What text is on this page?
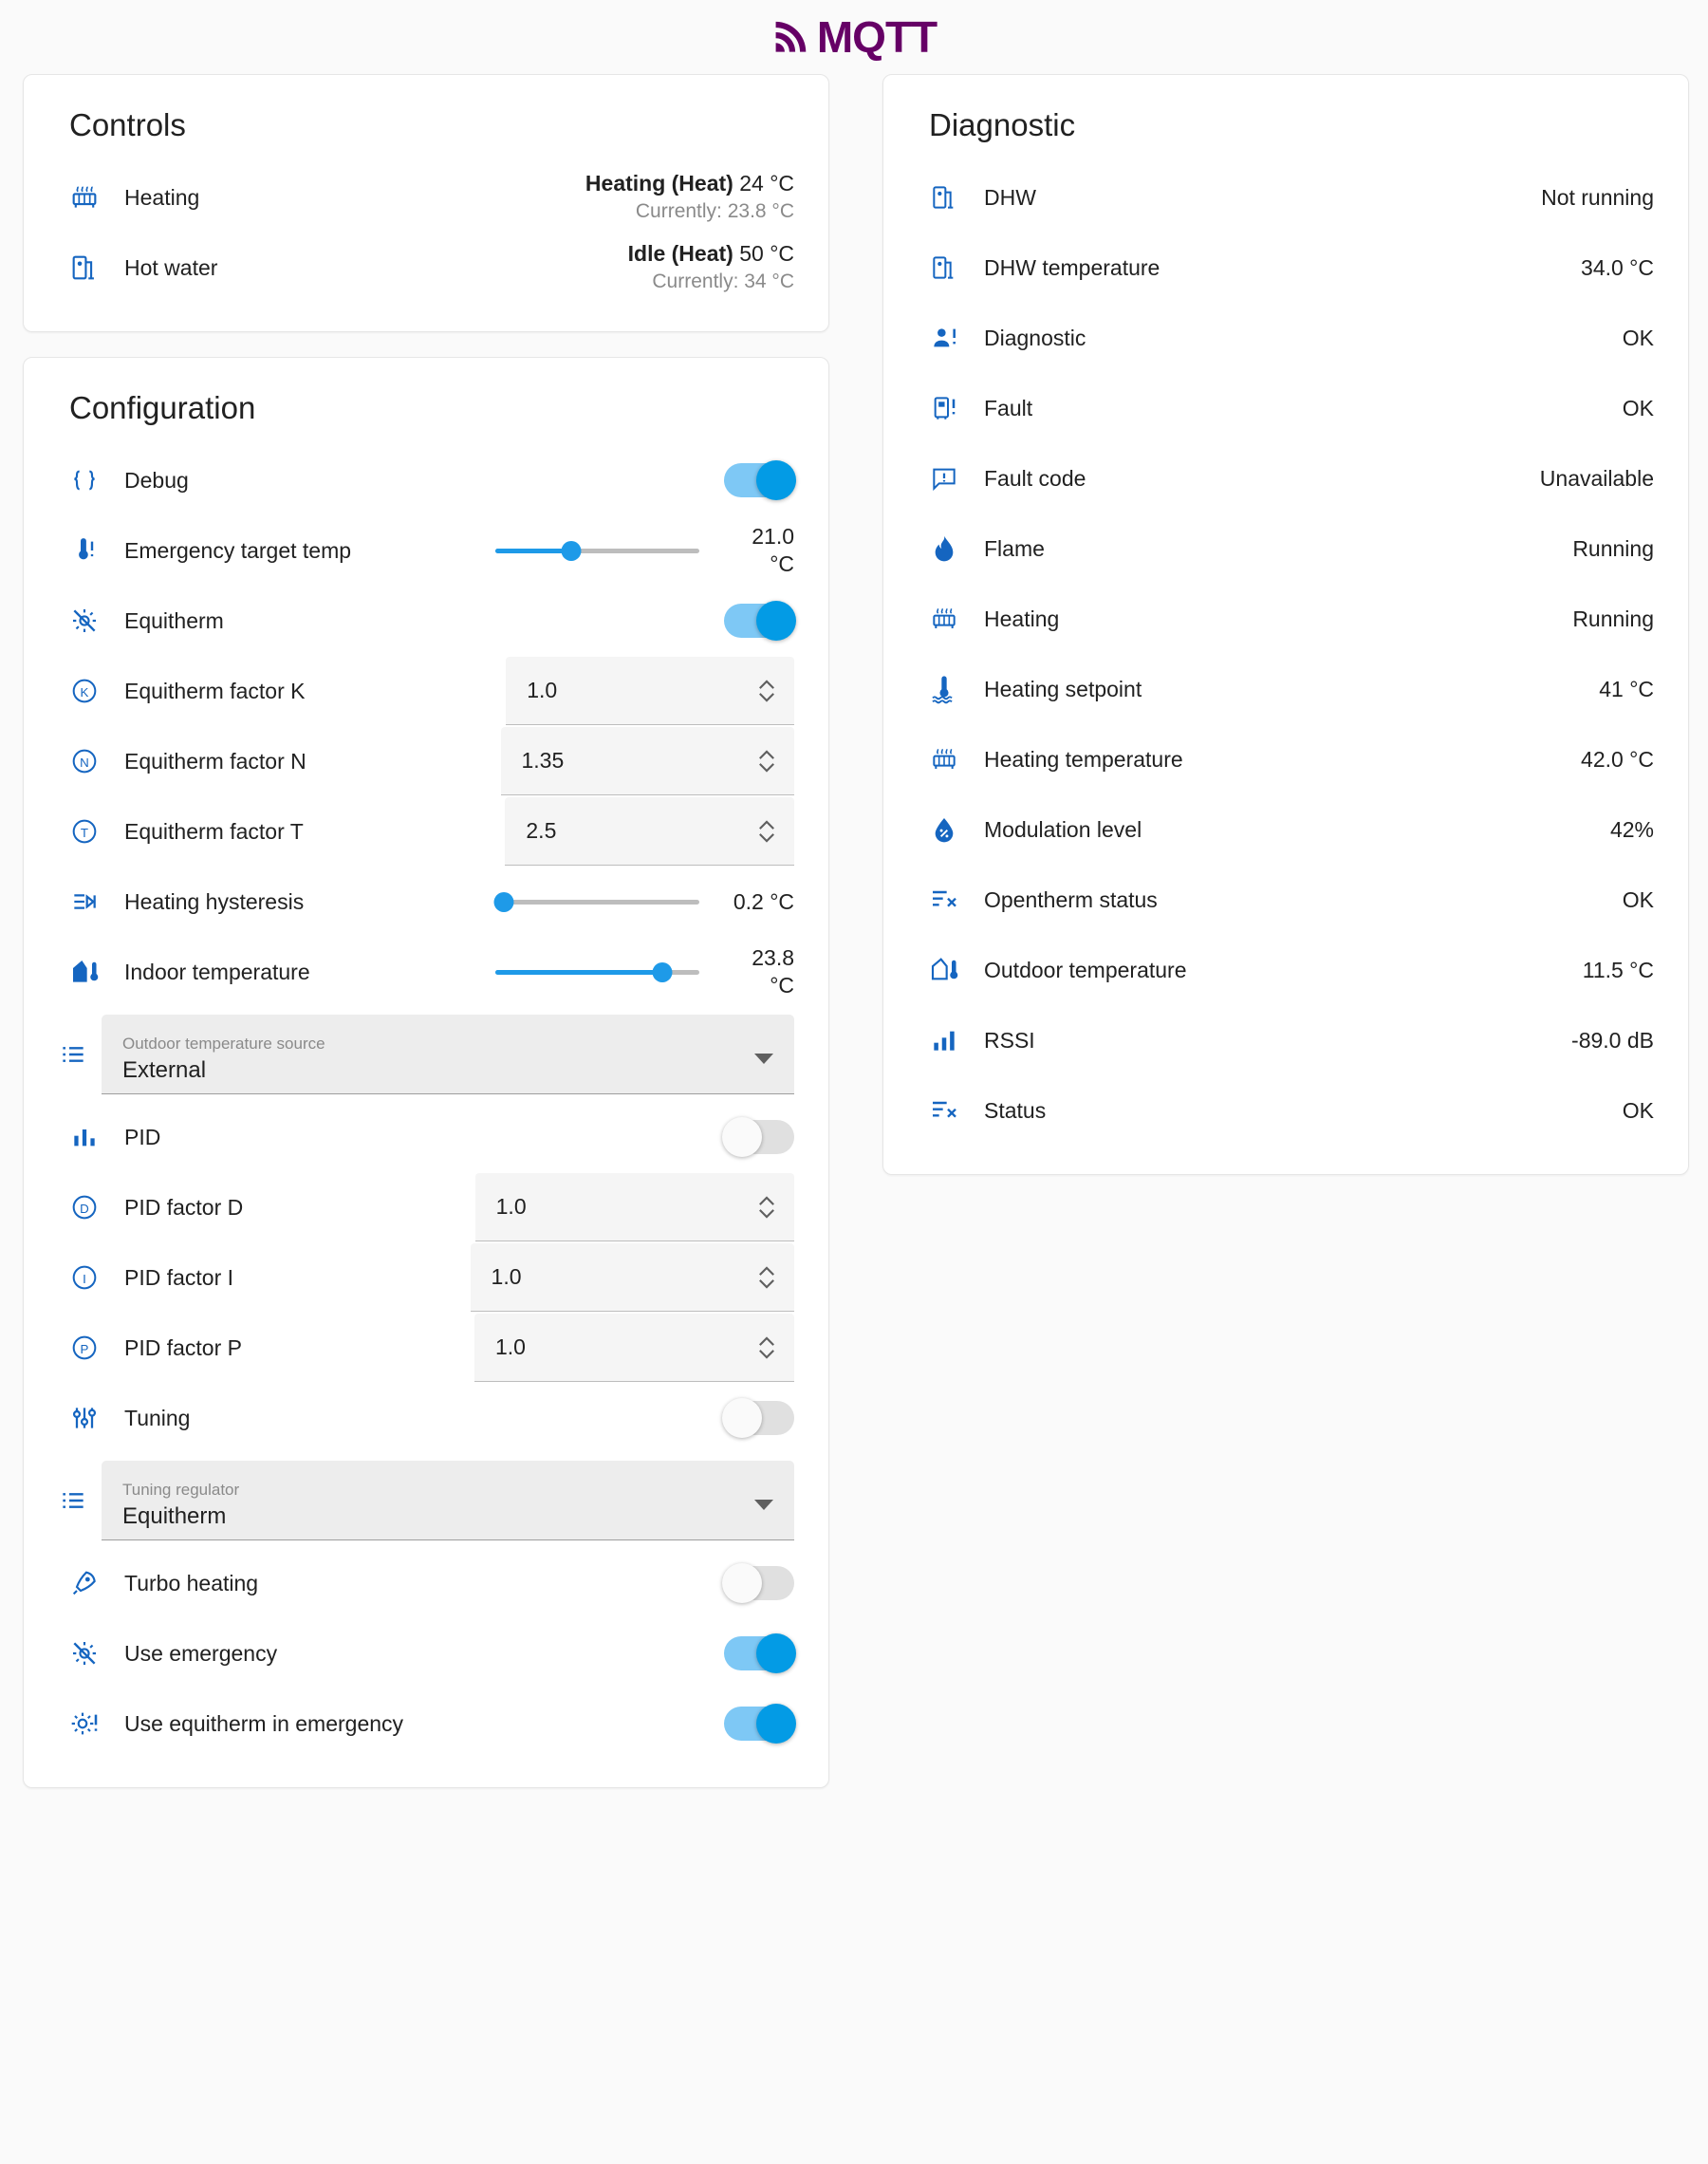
MQTT
Controls
Heating
Heating (Heat) 24 °C
Currently: 23.8 °C
Hot water
Idle (Heat) 50 °C
Currently: 34 °C
Configuration
Debug
Emergency target temp
21.0
°C
Equitherm
K	Equitherm factor K	1.0
N	Equitherm factor N	1.35
T	Equitherm factor T	2.5
Heating hysteresis	0.2 °C
Indoor temperature
23.8
°C
Outdoor temperature source
External
PID
D	PID factor D	1.0
I	PID factor I	1.0
P	PID factor P	1.0
Tuning
Tuning regulator
Equitherm
Turbo heating
Use emergency
Use equitherm in emergency
Diagnostic
DHW	Not running
DHW temperature	34.0 °C
Diagnostic	OK
Fault	OK
Fault code	Unavailable
Flame	Running
Heating	Running
Heating setpoint	41 °C
Heating temperature	42.0 °C
Modulation level	42%
Opentherm status	OK
Outdoor temperature	11.5 °C
RSSI	-89.0 dB
Status	OK
